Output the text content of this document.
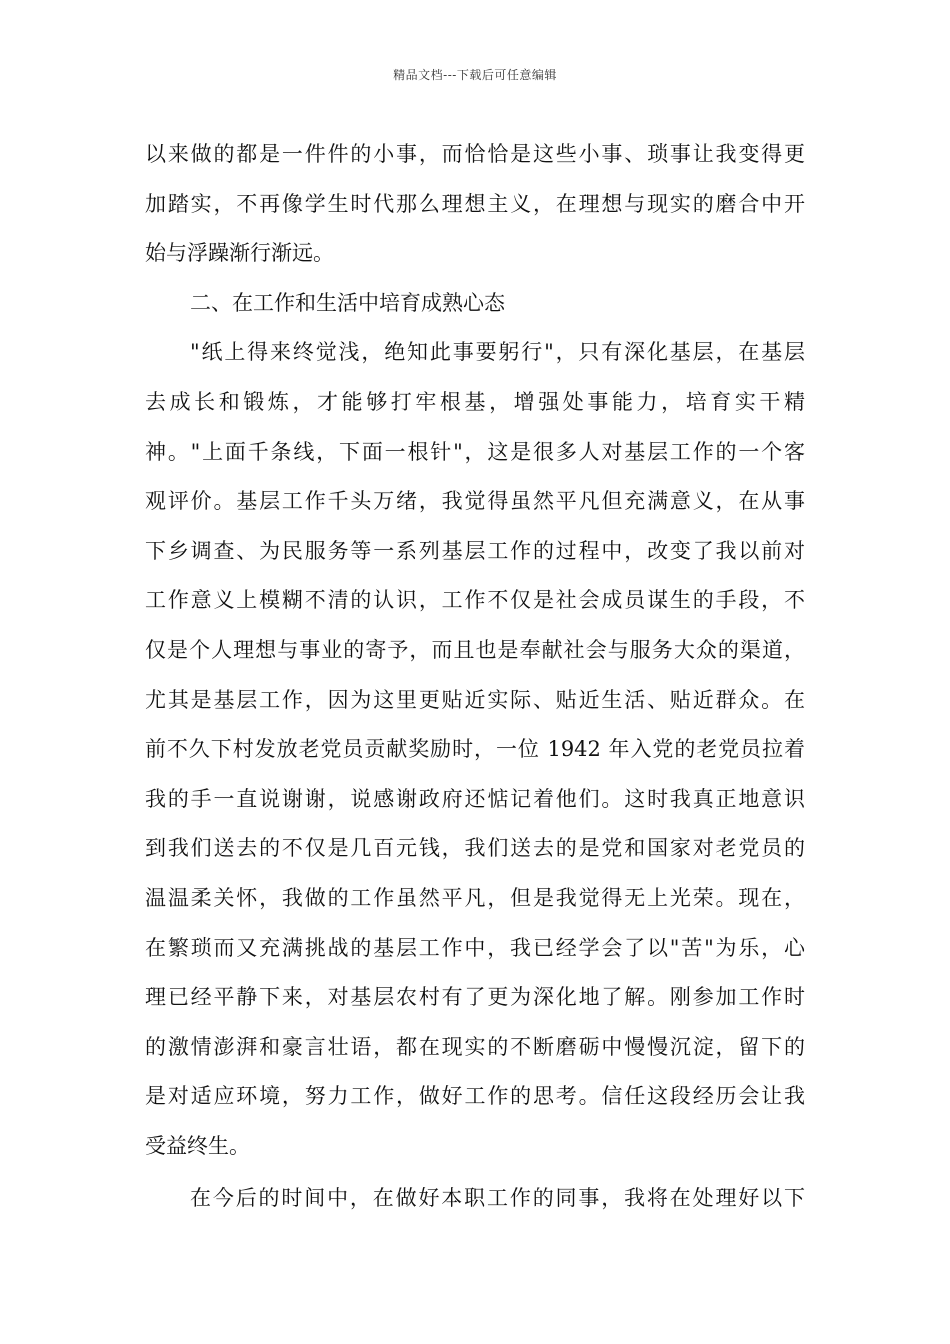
精品文档---下载后可任意编辑
以来做的都是一件件的小事，而恰恰是这些小事、琐事让我变得更
加踏实，不再像学生时代那么理想主义，在理想与现实的磨合中开
始与浮躁渐行渐远。
二、在工作和生活中培育成熟心态
"纸上得来终觉浅，绝知此事要躬行"，只有深化基层，在基层
去成长和锻炼，才能够打牢根基，增强处事能力，培育实干精
神。"上面千条线，下面一根针"，这是很多人对基层工作的一个客
观评价。基层工作千头万绪，我觉得虽然平凡但充满意义，在从事
下乡调查、为民服务等一系列基层工作的过程中，改变了我以前对
工作意义上模糊不清的认识，工作不仅是社会成员谋生的手段，不
仅是个人理想与事业的寄予，而且也是奉献社会与服务大众的渠道，
尤其是基层工作，因为这里更贴近实际、贴近生活、贴近群众。在
前不久下村发放老党员贡献奖励时，一位 1942 年入党的老党员拉着
我的手一直说谢谢，说感谢政府还惦记着他们。这时我真正地意识
到我们送去的不仅是几百元钱，我们送去的是党和国家对老党员的
温温柔关怀，我做的工作虽然平凡，但是我觉得无上光荣。现在，
在繁琐而又充满挑战的基层工作中，我已经学会了以"苦"为乐，心
理已经平静下来，对基层农村有了更为深化地了解。刚参加工作时
的激情澎湃和豪言壮语，都在现实的不断磨砺中慢慢沉淀，留下的
是对适应环境，努力工作，做好工作的思考。信任这段经历会让我
受益终生。
在今后的时间中，在做好本职工作的同事，我将在处理好以下
